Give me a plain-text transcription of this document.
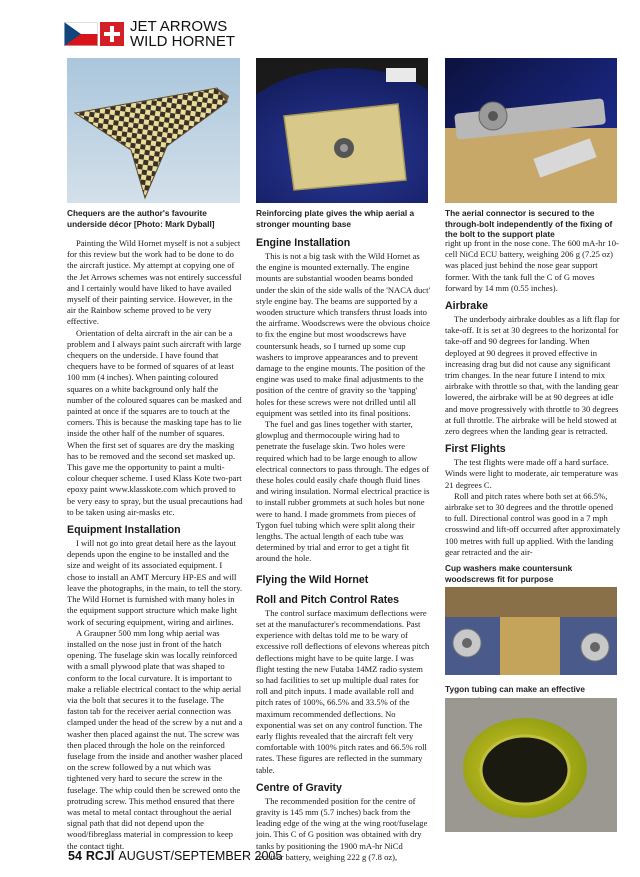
JET ARROWS
WILD HORNET
Chequers are the author's favourite underside décor [Photo: Mark Dyball]
Reinforcing plate gives the whip aerial a stronger mounting base
The aerial connector is secured to the through-bolt independently of the fixing of the bolt to the support plate

Painting the Wild Hornet myself is not a subject for this review but the work had to be done to do the aircraft justice. My attempt at copying one of the Jet Arrows schemes was not entirely successful and I certainly would have liked to have availed myself of their painting service. However, in the air the Rainbow scheme proved to be very effective.

Orientation of delta aircraft in the air can be a problem and I always paint such aircraft with large chequers on the underside. I have found that chequers have to be formed of squares of at least 100 mm (4 inches). When painting coloured squares on a white background only half the number of the coloured squares can be masked and painted at once if the squares are to touch at the corners. This is because the masking tape has to lie inside the other half of the number of squares. When the first set of squares are dry the masking has to be removed and the second set masked up. This gave me the opportunity to paint a multi-colour chequer scheme. I used Klass Kote two-part epoxy paint www.klasskote.com which proved to be very easy to spray, but the usual precautions had to be taken using air-masks etc.

Equipment Installation

I will not go into great detail here as the layout depends upon the engine to be installed and the size and weight of its associated equipment. I chose to install an AMT Mercury HP-ES and will leave the photographs, in the main, to tell the story. The Wild Hornet is furnished with many holes in the equipment support structure which make light work of securing equipment, wiring and airlines.

A Graupner 500 mm long whip aerial was installed on the nose just in front of the hatch opening. The fuselage skin was locally reinforced with a small plywood plate that was shaped to conform to the local curvature. It is important to make a reliable electrical contact to the whip aerial via the bolt that secures it to the fuselage. The faston tab for the receiver aerial connection was clamped under the head of the screw by a nut and a washer then placed against the nut. The screw was then placed through the hole on the reinforced fuselage from the inside and another washer placed on the screw followed by a nut which was tightened very hard to secure the screw in the fuselage. The whip could then be screwed onto the protruding screw. This method ensured that there was metal to metal contact throughout the aerial signal path that did not depend upon the wood/fibreglass material in compression to keep the contact tight.

Engine Installation

This is not a big task with the Wild Hornet as the engine is mounted externally. The engine mounts are substantial wooden beams bonded under the skin of the side walls of the 'NACA duct' style engine bay. The beams are supported by a wooden structure which transfers thrust loads into the airframe. Woodscrews were the obvious choice to fix the engine but most woodscrews have countersunk heads, so I turned up some cup washers to improve appearances and to prevent damage to the engine mounts. The position of the engine was used to make final adjustments to the position of the centre of gravity so the 'tapping' holes for these screws were not drilled until all equipment was settled into its final positions.

The fuel and gas lines together with starter, glowplug and thermocouple wiring had to penetrate the fuselage skin. Two holes were required which had to be large enough to allow electrical connectors to pass through. The edges of these holes could easily chafe though fluid lines and wiring insulation. Normal electrical practice is to install rubber grommets at such holes but none were to hand. I made grommets from pieces of Tygon fuel tubing which were split along their lengths. The actual length of each tube was determined by trial and error to get a tight fit around the hole.

Flying the Wild Hornet
Roll and Pitch Control Rates

The control surface maximum deflections were set at the manufacturer's recommendations. Past experience with deltas told me to be wary of excessive roll deflections of elevons whereas pitch deflections might have to be quite large. I was flight testing the new Futaba 14MZ radio system so had facilities to set up multiple dual rates for roll and pitch inputs. I made available roll and pitch rates of 100%, 66.5% and 33.5% of the maximum recommended deflections. No exponential was set on any control function. The early flights revealed that the aircraft felt very comfortable with 100% pitch rates and 66.5% roll rates. These figures are reflected in the summary table.

Centre of Gravity

The recommended position for the centre of gravity is 145 mm (5.7 inches) back from the leading edge of the wing at the wing root/fuselage join. This C of G position was obtained with dry tanks by positioning the 1900 mA-hr NiCd receiver battery, weighing 222 g (7.8 oz),

right up front in the nose cone. The 600 mA-hr 10-cell NiCd ECU battery, weighing 206 g (7.25 oz) was placed just behind the nose gear support former. With the tank full the C of G moves forward by 14 mm (0.55 inches).

Airbrake

The underbody airbrake doubles as a lift flap for take-off. It is set at 30 degrees to the horizontal for take-off and 90 degrees for landing. When deployed at 90 degrees it proved effective in increasing drag but did not cause any significant trim changes. In the near future I intend to mix airbrake with throttle so that, with the landing gear lowered, the airbrake will be at 90 degrees at idle and move progressively with throttle to 30 degrees at full throttle. The airbrake will be held stowed at zero degrees when the landing gear is retracted.

First Flights

The test flights were made off a hard surface. Winds were light to moderate, air temperature was 21 degrees C.

Roll and pitch rates where both set at 66.5%, airbrake set to 30 degrees and the throttle opened to full. Directional control was good in a 7 mph crosswind and lift-off occurred after approximately 100 metres with full up applied. With the landing gear retracted and the air-

Cup washers make countersunk woodscrews fit for purpose
Tygon tubing can make an effective
54 RCJI AUGUST/SEPTEMBER 2005
